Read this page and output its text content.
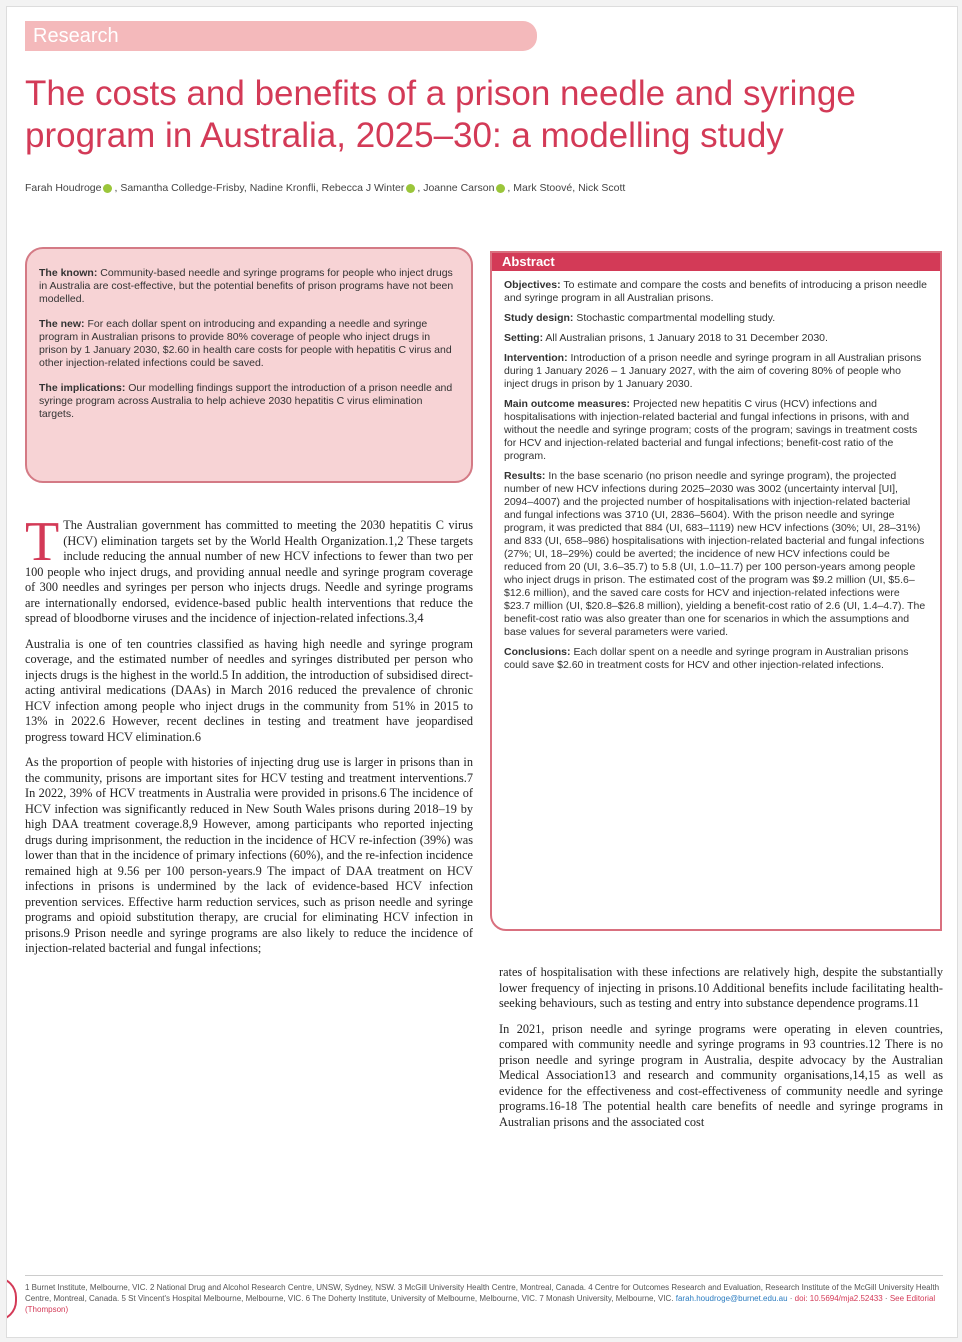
Research
The costs and benefits of a prison needle and syringe program in Australia, 2025–30: a modelling study
Farah Houdroge , Samantha Colledge-Frisby, Nadine Kronfli, Rebecca J Winter , Joanne Carson , Mark Stoové, Nick Scott

The known: Community-based needle and syringe programs for people who inject drugs in Australia are cost-effective, but the potential benefits of prison programs have not been modelled.

The new: For each dollar spent on introducing and expanding a needle and syringe program in Australian prisons to provide 80% coverage of people who inject drugs in prison by 1 January 2030, $2.60 in health care costs for people with hepatitis C virus and other injection-related infections could be saved.

The implications: Our modelling findings support the introduction of a prison needle and syringe program across Australia to help achieve 2030 hepatitis C virus elimination targets.

Abstract

Objectives: To estimate and compare the costs and benefits of introducing a prison needle and syringe program in all Australian prisons.

Study design: Stochastic compartmental modelling study.

Setting: All Australian prisons, 1 January 2018 to 31 December 2030.

Intervention: Introduction of a prison needle and syringe program in all Australian prisons during 1 January 2026 – 1 January 2027, with the aim of covering 80% of people who inject drugs in prison by 1 January 2030.

Main outcome measures: Projected new hepatitis C virus (HCV) infections and hospitalisations with injection-related bacterial and fungal infections in prisons, with and without the needle and syringe program; costs of the program; savings in treatment costs for HCV and injection-related bacterial and fungal infections; benefit-cost ratio of the program.

Results: In the base scenario (no prison needle and syringe program), the projected number of new HCV infections during 2025–2030 was 3002 (uncertainty interval [UI], 2094–4007) and the projected number of hospitalisations with injection-related bacterial and fungal infections was 3710 (UI, 2836–5604). With the prison needle and syringe program, it was predicted that 884 (UI, 683–1119) new HCV infections (30%; UI, 28–31%) and 833 (UI, 658–986) hospitalisations with injection-related bacterial and fungal infections (27%; UI, 18–29%) could be averted; the incidence of new HCV infections could be reduced from 20 (UI, 3.6–35.7) to 5.8 (UI, 1.0–11.7) per 100 person-years among people who inject drugs in prison. The estimated cost of the program was $9.2 million (UI, $5.6–$12.6 million), and the saved care costs for HCV and injection-related infections were $23.7 million (UI, $20.8–$26.8 million), yielding a benefit-cost ratio of 2.6 (UI, 1.4–4.7). The benefit-cost ratio was also greater than one for scenarios in which the assumptions and base values for several parameters were varied.

Conclusions: Each dollar spent on a needle and syringe program in Australian prisons could save $2.60 in treatment costs for HCV and other injection-related infections.

T The Australian government has committed to meeting the 2030 hepatitis C virus (HCV) elimination targets set by the World Health Organization.1,2 These targets include reducing the annual number of new HCV infections to fewer than two per 100 people who inject drugs, and providing annual needle and syringe program coverage of 300 needles and syringes per person who injects drugs. Needle and syringe programs are internationally endorsed, evidence-based public health interventions that reduce the spread of bloodborne viruses and the incidence of injection-related infections.3,4

Australia is one of ten countries classified as having high needle and syringe program coverage, and the estimated number of needles and syringes distributed per person who injects drugs is the highest in the world.5 In addition, the introduction of subsidised direct-acting antiviral medications (DAAs) in March 2016 reduced the prevalence of chronic HCV infection among people who inject drugs in the community from 51% in 2015 to 13% in 2022.6 However, recent declines in testing and treatment have jeopardised progress toward HCV elimination.6

As the proportion of people with histories of injecting drug use is larger in prisons than in the community, prisons are important sites for HCV testing and treatment interventions.7 In 2022, 39% of HCV treatments in Australia were provided in prisons.6 The incidence of HCV infection was significantly reduced in New South Wales prisons during 2018–19 by high DAA treatment coverage.8,9 However, among participants who reported injecting drugs during imprisonment, the reduction in the incidence of HCV re-infection (39%) was lower than that in the incidence of primary infections (60%), and the re-infection incidence remained high at 9.56 per 100 person-years.9 The impact of DAA treatment on HCV infections in prisons is undermined by the lack of evidence-based HCV infection prevention services. Effective harm reduction services, such as prison needle and syringe programs and opioid substitution therapy, are crucial for eliminating HCV infection in prisons.9 Prison needle and syringe programs are also likely to reduce the incidence of injection-related bacterial and fungal infections;

rates of hospitalisation with these infections are relatively high, despite the substantially lower frequency of injecting in prisons.10 Additional benefits include facilitating health-seeking behaviours, such as testing and entry into substance dependence programs.11

In 2021, prison needle and syringe programs were operating in eleven countries, compared with community needle and syringe programs in 93 countries.12 There is no prison needle and syringe program in Australia, despite advocacy by the Australian Medical Association13 and research and community organisations,14,15 as well as evidence for the effectiveness and cost-effectiveness of community needle and syringe programs.16-18 The potential health care benefits of needle and syringe programs in Australian prisons and the associated cost

1 Burnet Institute, Melbourne, VIC. 2 National Drug and Alcohol Research Centre, UNSW, Sydney, NSW. 3 McGill University Health Centre, Montreal, Canada. 4 Centre for Outcomes Research and Evaluation, Research Institute of the McGill University Health Centre, Montreal, Canada. 5 St Vincent's Hospital Melbourne, Melbourne, VIC. 6 The Doherty Institute, University of Melbourne, Melbourne, VIC. 7 Monash University, Melbourne, VIC. farah.houdroge@burnet.edu.au · doi: 10.5694/mja2.52433 · See Editorial (Thompson)
